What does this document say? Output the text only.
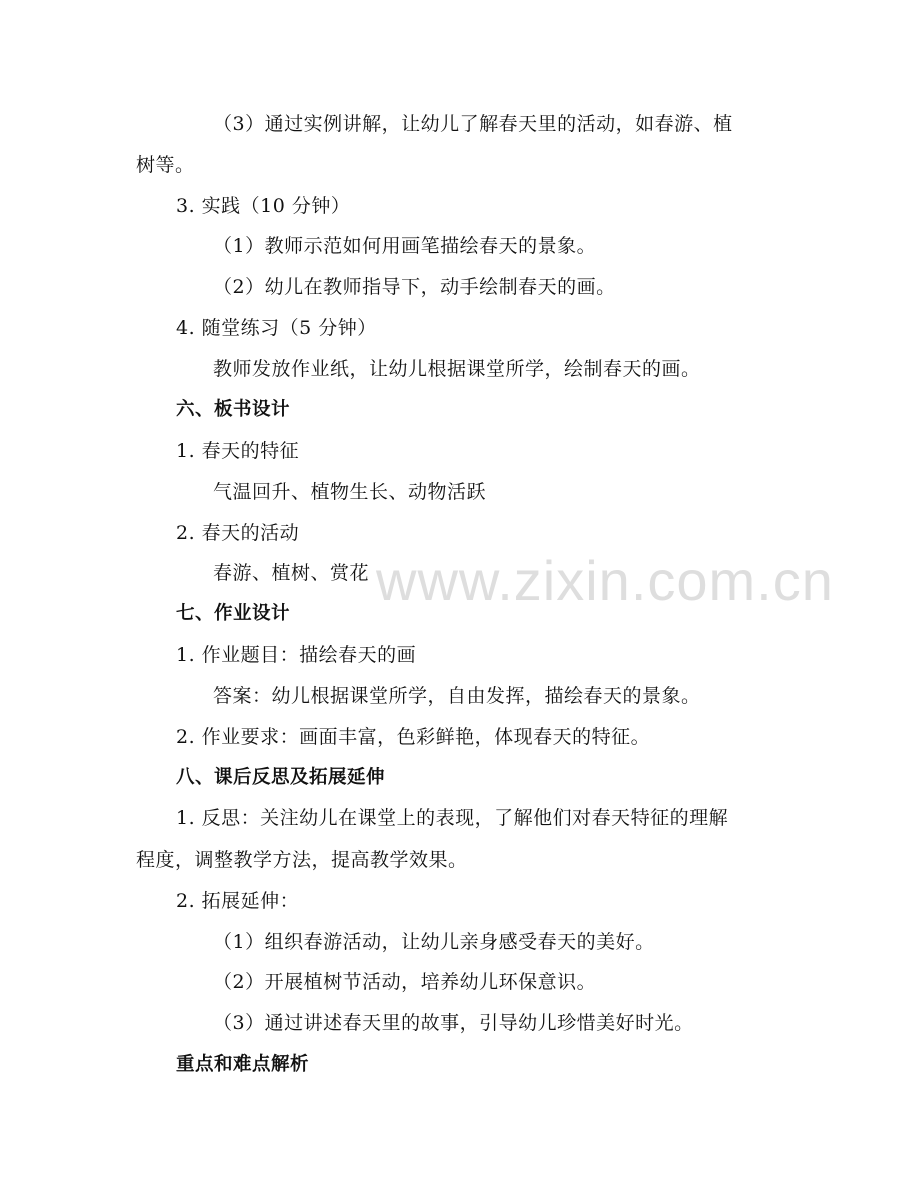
www.zixin.com.cn
（3）通过实例讲解，让幼儿了解春天里的活动，如春游、植
树等。
3. 实践（10 分钟）
（1）教师示范如何用画笔描绘春天的景象。
（2）幼儿在教师指导下，动手绘制春天的画。
4. 随堂练习（5 分钟）
教师发放作业纸，让幼儿根据课堂所学，绘制春天的画。
六、板书设计
1. 春天的特征
气温回升、植物生长、动物活跃
2. 春天的活动
春游、植树、赏花
七、作业设计
1. 作业题目：描绘春天的画
答案：幼儿根据课堂所学，自由发挥，描绘春天的景象。
2. 作业要求：画面丰富，色彩鲜艳，体现春天的特征。
八、课后反思及拓展延伸
1. 反思：关注幼儿在课堂上的表现，了解他们对春天特征的理解
程度，调整教学方法，提高教学效果。
2. 拓展延伸：
（1）组织春游活动，让幼儿亲身感受春天的美好。
（2）开展植树节活动，培养幼儿环保意识。
（3）通过讲述春天里的故事，引导幼儿珍惜美好时光。
重点和难点解析
